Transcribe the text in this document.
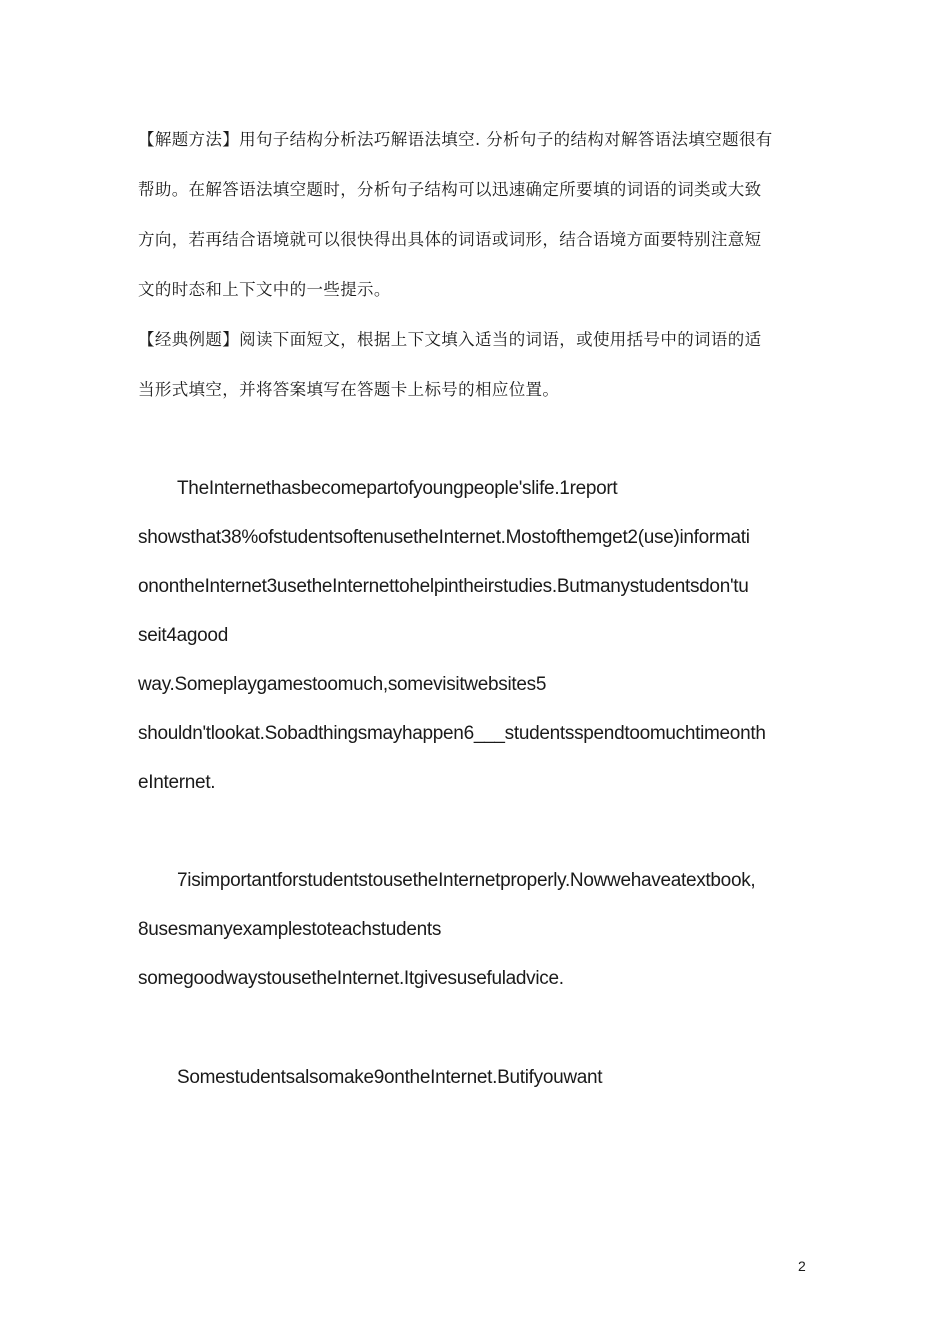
【解题方法】用句子结构分析法巧解语法填空. 分析句子的结构对解答语法填空题很有
帮助。在解答语法填空题时，分析句子结构可以迅速确定所要填的词语的词类或大致
方向，若再结合语境就可以很快得出具体的词语或词形，结合语境方面要特别注意短
文的时态和上下文中的一些提示。
【经典例题】阅读下面短文，根据上下文填入适当的词语，或使用括号中的词语的适
当形式填空，并将答案填写在答题卡上标号的相应位置。
TheInternethasbecomepartofyoungpeople'slife.1report
showsthat38%ofstudentsoftenusetheInternet.Mostofthemget2(use)informati
onontheInternet3usetheInternettohelpintheirstudies.Butmanystudentsdon'tu
seit4agood
way.Someplaygamestoomuch,somevisitwebsites5
shouldn'tlookat.Sobadthingsmayhappen6___studentsspendtoomuchtimeonth
eInternet.
7isimportantforstudentstousetheInternetproperly.Nowwehaveatextbook,
8usesmanyexamplestoteachstudents
somegoodwaystousetheInternet.Itgivesusefuladvice.
Somestudentsalsomake9ontheInternet.Butifyouwant
2
